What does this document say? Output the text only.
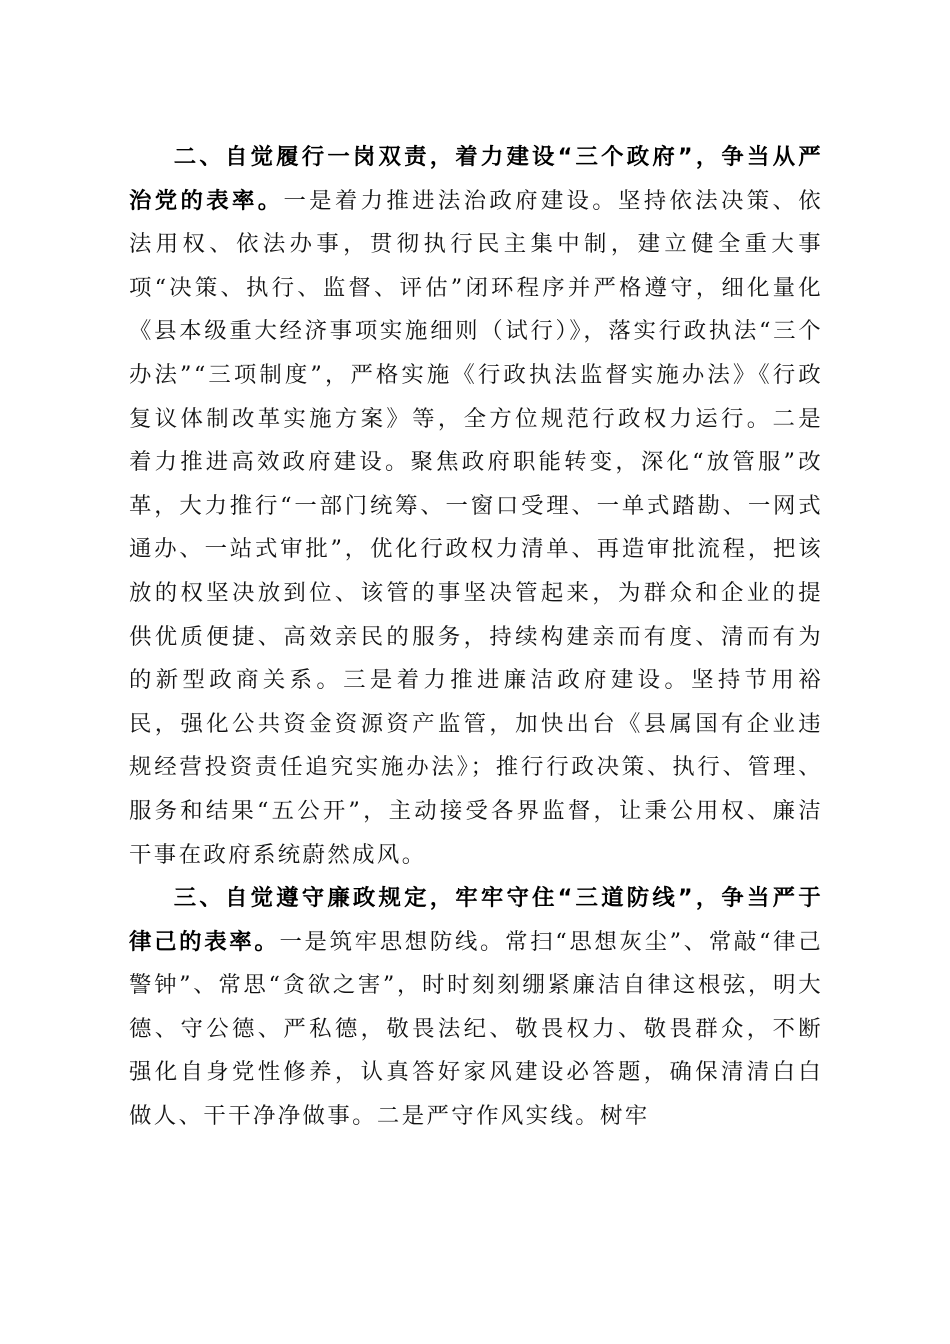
二、自觉履行一岗双责，着力建设“三个政府”，争当从严治党的表率。一是着力推进法治政府建设。坚持依法决策、依法用权、依法办事，贯彻执行民主集中制，建立健全重大事项“决策、执行、监督、评估”闭环程序并严格遵守，细化量化《县本级重大经济事项实施细则（试行）》，落实行政执法“三个办法”“三项制度”，严格实施《行政执法监督实施办法》《行政复议体制改革实施方案》等，全方位规范行政权力运行。二是着力推进高效政府建设。聚焦政府职能转变，深化“放管服”改革，大力推行“一部门统筹、一窗口受理、一单式踏勘、一网式通办、一站式审批”，优化行政权力清单、再造审批流程，把该放的权坚决放到位、该管的事坚决管起来，为群众和企业的提供优质便捷、高效亲民的服务，持续构建亲而有度、清而有为的新型政商关系。三是着力推进廉洁政府建设。坚持节用裕民，强化公共资金资源资产监管，加快出台《县属国有企业违规经营投资责任追究实施办法》；推行行政决策、执行、管理、服务和结果“五公开”，主动接受各界监督，让秉公用权、廉洁干事在政府系统蔚然成风。

三、自觉遵守廉政规定，牢牢守住“三道防线”，争当严于律己的表率。一是筑牢思想防线。常扫“思想灰尘”、常敲“律己警钟”、常思“贪欲之害”，时时刻刻绷紧廉洁自律这根弦，明大德、守公德、严私德，敬畏法纪、敬畏权力、敬畏群众，不断强化自身党性修养，认真答好家风建设必答题，确保清清白白做人、干干净净做事。二是严守作风实线。树牢
